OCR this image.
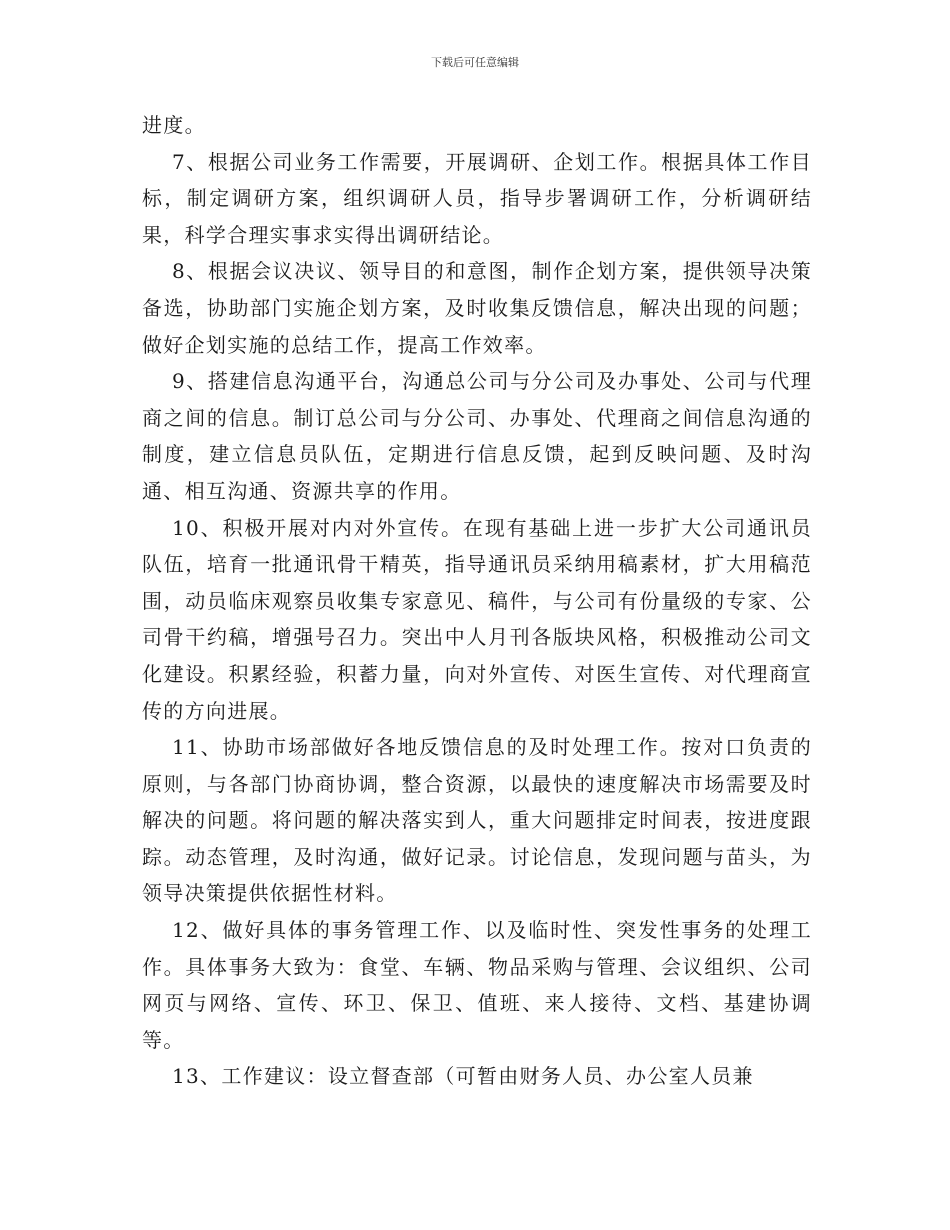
下载后可任意编辑

进度。

7、根据公司业务工作需要，开展调研、企划工作。根据具体工作目标，制定调研方案，组织调研人员，指导步署调研工作，分析调研结果，科学合理实事求实得出调研结论。

8、根据会议决议、领导目的和意图，制作企划方案，提供领导决策备选，协助部门实施企划方案，及时收集反馈信息，解决出现的问题；做好企划实施的总结工作，提高工作效率。

9、搭建信息沟通平台，沟通总公司与分公司及办事处、公司与代理商之间的信息。制订总公司与分公司、办事处、代理商之间信息沟通的制度，建立信息员队伍，定期进行信息反馈，起到反映问题、及时沟通、相互沟通、资源共享的作用。

10、积极开展对内对外宣传。在现有基础上进一步扩大公司通讯员队伍，培育一批通讯骨干精英，指导通讯员采纳用稿素材，扩大用稿范围，动员临床观察员收集专家意见、稿件，与公司有份量级的专家、公司骨干约稿，增强号召力。突出中人月刊各版块风格，积极推动公司文化建设。积累经验，积蓄力量，向对外宣传、对医生宣传、对代理商宣传的方向进展。

11、协助市场部做好各地反馈信息的及时处理工作。按对口负责的原则，与各部门协商协调，整合资源，以最快的速度解决市场需要及时解决的问题。将问题的解决落实到人，重大问题排定时间表，按进度跟踪。动态管理，及时沟通，做好记录。讨论信息，发现问题与苗头，为领导决策提供依据性材料。

12、做好具体的事务管理工作、以及临时性、突发性事务的处理工作。具体事务大致为：食堂、车辆、物品采购与管理、会议组织、公司网页与网络、宣传、环卫、保卫、值班、来人接待、文档、基建协调等。

13、工作建议：设立督查部（可暂由财务人员、办公室人员兼
